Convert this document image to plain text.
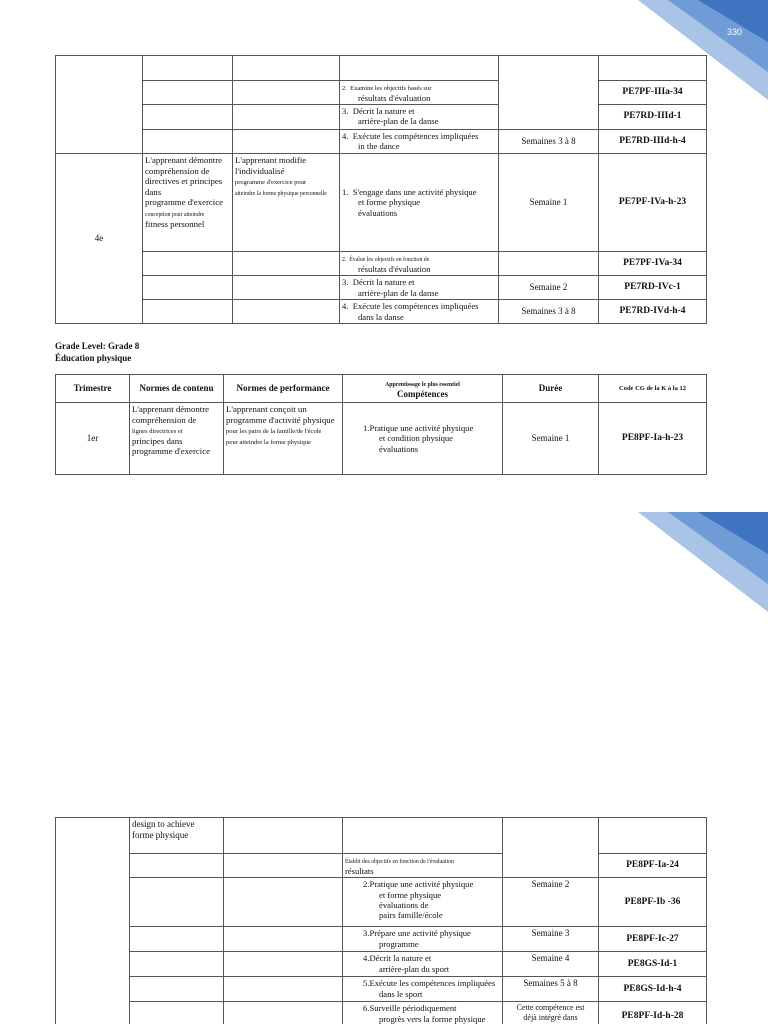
330

			2. Examine les objectifs basés sur
résultats d'évaluation		PE7PF-IIIa-34
			3. Décrit la nature et
arrière-plan de la danse		PE7RD-IIId-1
			4. Exécute les compétences impliquées
in the dance	Semaines 3 à 8	PE7RD-IIId-h-4
4e	L'apprenant démontre compréhension de directives et principes dans
programme d'exercice
conception pour atteindre
fitness personnel	L'apprenant modifie l'individualisé
programme d'exercice pour
atteindre la forme physique personnelle	1. S'engage dans une activité physique
et forme physique
évaluations	Semaine 1	PE7PF-IVa-h-23
			2. Évalue les objectifs en fonction de
résultats d'évaluation		PE7PF-IVa-34
			3. Décrit la nature et
arrière-plan de la danse	Semaine 2	PE7RD-IVc-1
			4. Exécute les compétences impliquées
dans la danse	Semaines 3 à 8	PE7RD-IVd-h-4
Grade Level: Grade 8
Éducation physique
Trimestre	Normes de contenu	Normes de performance	Apprentissage le plus essentiel
Compétences	Durée	Code CG de la K à la 12
1er	L'apprenant démontre compréhension de
lignes directrices et
principes dans
programme d'exercice	L'apprenant conçoit un programme d'activité physique
pour les pairs de la famille/de l'école
pour atteindre la forme physique	1.Pratique une activité physique
et condition physique
évaluations	Semaine 1	PE8PF-Ia-h-23
331
	design to achieve
forme physique				
			Établit des objectifs en fonction de l'évaluation
résultats		PE8PF-Ia-24
			2.Pratique une activité physique
et forme physique
évaluations de
pairs famille/école	Semaine 2	PE8PF-Ib -36
			3.Prépare une activité physique
programme	Semaine 3	PE8PF-Ic-27
			4.Décrit la nature et
arrière-plan du sport	Semaine 4	PE8GS-Id-1
			5.Exécute les compétences impliquées
dans le sport	Semaines 5 à 8	PE8GS-Id-h-4
			6.Surveille périodiquement
progrès vers la forme physique	Cette compétence est
déjà intégré dans	PE8PF-Id-h-28
